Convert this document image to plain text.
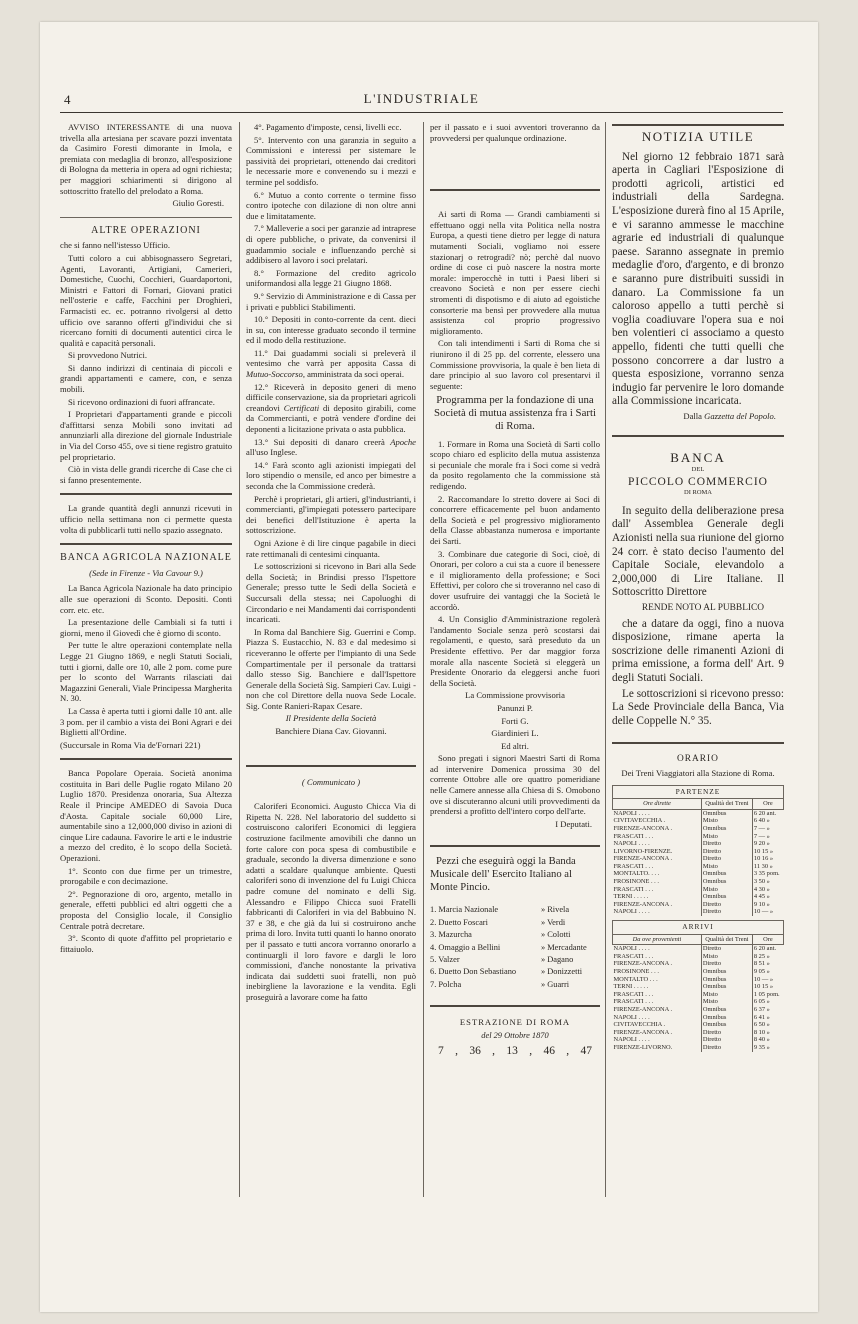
4	L'INDUSTRIALE

AVVISO INTERESSANTE di una nuova trivella alla artesiana per scavare pozzi inventata da Casimiro Foresti dimorante in Imola, e premiata con medaglia di bronzo, all'esposizione di Bologna da metteria in opera ad ogni richiesta; per maggiori schiarimenti si dirigono al sottoscritto fratello del prelodato a Roma.

Giulio Goresti.

ALTRE OPERAZIONI

che si fanno nell'istesso Ufficio.

Tutti coloro a cui abbisognassero Segretari, Agenti, Lavoranti, Artigiani, Camerieri, Domestiche, Cuochi, Cocchieri, Guardaportoni, Ministri e Fattori di Fornari, Giovani pratici nell'osterie e caffe, Facchini per Droghierì, Farmacisti ec. ec. potranno rivolgersi al detto ufficio ove saranno offerti gl'individui che si ricercano forniti di documenti autentici circa le qualità e capacità personali.

Si provvedono Nutrici.

Si danno indirizzi di centinaia di piccoli e grandi appartamenti e camere, con, e senza mobili.

Si ricevono ordinazioni di fuori affrancate.

I Proprietari d'appartamenti grande e piccoli d'affittarsi senza Mobili sono invitati ad annunziarli alla direzione del giornale Industriale in Via del Corso 455, ove si tiene registro gratuito pel proprietario.

Ciò in vista delle grandi ricerche di Case che ci si fanno presentemente.

La grande quantità degli annunzi ricevuti in ufficio nella settimana non ci permette questa volta di pubblicarli tutti nello spazio assegnato.

BANCA AGRICOLA NAZIONALE
(Sede in Firenze - Via Cavour 9.)

La Banca Agricola Nazionale ha dato principio alle sue operazioni di Sconto. Depositi. Conti corr. etc. etc.

La presentazione delle Cambiali si fa tutti i giorni, meno il Giovedì che è giorno di sconto.

Per tutte le altre operazioni contemplate nella Legge 21 Giugno 1869, e negli Statuti Sociali, tutti i giorni, dalle ore 10, alle 2 pom. come pure per lo sconto del Warrants rilasciati dai Magazzini Generali, Viale Principessa Margherita N. 30.

La Cassa è aperta tutti i giorni dalle 10 ant. alle 3 pom. per il cambio a vista dei Boni Agrari e dei Biglietti all'Ordine.

(Succursale in Roma Via de'Fornari 221)

Banca Popolare Operaia. Società anonima costituita in Bari delle Puglie rogato Milano 20 Luglio 1870. Presidenza onoraria, Sua Altezza Reale il Principe AMEDEO di Savoia Duca d'Aosta. Capitale sociale 60,000 Lire, aumentabile sino a 12,000,000 diviso in azioni di cinque Lire cadauna. Favorire le arti e le industrie a mezzo del credito, è lo scopo della Società. Operazioni.

1°. Sconto con due firme per un trimestre, prorogabile e con decimazione.

2°. Pegnorazione di oro, argento, metallo in generale, effetti pubblici ed altri oggetti che a proposta del Consiglio locale, il Consiglio Centrale potrà decretare.

3°. Sconto di quote d'affitto pel proprietario e fittaiuolo.

4°. Pagamento d'imposte, censi, livelli ecc.

5°. Intervento con una garanzia in seguito a Commissioni e interessi per sistemare le passività dei proprietari, ottenendo dai creditori le necessarie more e convenendo su i mezzi e termine pel soddisfo.

6.° Mutuo a conto corrente o termine fisso contro ipoteche con dilazione di non oltre anni due e limitatamente.

7.° Malleverie a soci per garanzie ad intraprese di opere pubbliche, o private, da convenirsi il guadammio sociale e influenzando perchè si addibisero al lavoro i soci prelatari.

8.° Formazione del credito agricolo uniformandosi alla legge 21 Giugno 1868.

9.° Servizio di Amministrazione e di Cassa per i privati e pubblici Stabilimenti.

10.° Depositi in conto-corrente da cent. dieci in su, con interesse graduato secondo il termine ed il modo della restituzione.

11.° Dai guadammi sociali si preleverà il ventesimo che varrà per apposita Cassa di Mutuo-Soccorso, amministrata da soci operai.

12.° Riceverà in deposito generi di meno difficile conservazione, sia da proprietari agricoli creandovi Certificati di deposito girabili, come da Commercianti, e potrà vendere d'ordine dei deponenti a licitazione privata o asta pubblica.

13.° Sui depositi di danaro creerà Apoche all'uso Inglese.

14.° Farà sconto agli azionisti impiegati del loro stipendio o mensile, ed anco per bimestre a seconda che la Commissione crederà.

Perchè i proprietari, gli artieri, gl'industrianti, i commercianti, gl'impiegati potessero partecipare dei benefici dell'Istituzione è aperta la sottoscrizione.

Ogni Azione è di lire cinque pagabile in dieci rate rettimanali di centesimi cinquanta.

Le sottoscrizioni si ricevono in Bari alla Sede della Società; in Brindisi presso l'Ispettore Generale; presso tutte le Sedi della Società e Succursali della stessa; nei Capoluoghi di Circondario e nei Mandamenti dai corrispondenti incaricati.

In Roma dal Banchiere Sig. Guerrini e Comp. Piazza S. Eustacchio, N. 83 e dal medesimo si riceveranno le offerte per l'impianto di una Sede Compartimentale per il personale da trattarsi dallo stesso Sig. Banchiere e dall'Ispettore Generale della Società Sig. Sampieri Cav. Luigi - non che col Direttore della nuova Sede Locale. Sig. Conte Ranieri-Rapax Cesare.

Il Presidente della Società

Banchiere Diana Cav. Giovanni.

( Communicato )

Caloriferi Economici. Augusto Chicca Via di Ripetta N. 228. Nel laboratorio del suddetto si costruiscono caloriferi Economici di leggiera costruzione facilmente amovibili che danno un forte calore con poca spesa di combustibile e graduale, secondo la diversa dimenzione e sono adatti a scaldare qualunque ambiente. Questi caloriferi sono di invenzione del fu Luigi Chicca padre comune del nominato e delli Sig. Alessandro e Filippo Chicca suoi Fratelli fabbricanti di Caloriferi in via del Babbuino N. 37 e 38, e che già da lui si costruirono anche prima di loro. Invita tutti quanti lo hanno onorato per il passato e tutti ancora vorranno onorarlo a continuargli il loro favore e dargli le loro commissioni, d'anche nonostante la privativa indicata dai suddetti suoi fratelli, non può inebirgliene la lavorazione e la vendita. Egli proseguirà a lavorare come ha fatto

per il passato e i suoi avventori troveranno da provvedersi per qualunque ordinazione.

Ai sarti di Roma — Grandi cambiamenti si effettuano oggi nella vita Politica nella nostra Europa, a questi tiene dietro per legge di natura mutamenti Sociali, vogliamo noi essere stazionarj o retrogradi? nò; perchè dal nuovo ordine di cose ci può nascere la nostra morte morale: imperocchè in tutti i Paesi liberi si creavono Società e non per essere ciechi stromenti di dispotismo e di aiuto ad egoistiche consorterie ma bensì per provvedere alla mutua assistenza col proprio progressivo miglioramento.

Con tali intendimenti i Sarti di Roma che si riunirono il di 25 pp. del corrente, elessero una Commissione provvisoria, la quale è ben lieta di dare principio al suo lavoro col presentarvi il seguente:

Programma per la fondazione di una Società di mutua assistenza fra i Sarti di Roma.

1. Formare in Roma una Società di Sarti collo scopo chiaro ed esplicito della mutua assistenza si pecuniale che morale fra i Soci come si vedrà da posito regolamento che la commissione stà redigendo.

2. Raccomandare lo stretto dovere ai Soci di concorrere efficacemente pel buon andamento della Società e pel progressivo miglioramento della Classe abbastanza numerosa e importante dei Sarti.

3. Combinare due categorie di Soci, cioè, di Onorari, per coloro a cui sta a cuore il benessere e il miglioramento della professione; e Soci Effettivi, per coloro che si troveranno nel caso di dover usufruire dei vantaggi che la Società le accordò.

4. Un Consiglio d'Amministrazione regolerà l'andamento Sociale senza però scostarsi dai regolamenti, e questo, sarà preseduto da un Presidente effettivo. Per dar maggior forza morale alla nascente Società si eleggerà un Presidente Onorario da eleggersi anche fuori della Società.

La Commissione provvisoria

Panunzi P.

Forti G.

Giardinieri L.

Ed altri.

Sono pregati i signori Maestri Sarti di Roma ad intervenire Domenica prossima 30 del corrente Ottobre alle ore quattro pomeridiane nelle Camere annesse alla Chiesa di S. Omobono ove si discuteranno alcuni utili provvedimenti da prendersi a profitto dell'intero corpo dell'arte.

I Deputati.

Pezzi che eseguirà oggi la Banda Musicale dell' Esercito Italiano al Monte Pincio.
1. Marcia Nazionale	» Rivela
2. Duetto Foscari	» Verdi
3. Mazurcha	» Colotti
4. Omaggio a Bellini	» Mercadante
5. Valzer	» Dagano
6. Duetto Don Sebastiano	» Donizzetti
7. Polcha	» Guarri
ESTRAZIONE DI ROMA
del 29 Ottobre 1870
7 , 36 , 13 , 46 , 47
NOTIZIA UTILE

Nel giorno 12 febbraio 1871 sarà aperta in Cagliari l'Esposizione di prodotti agricoli, artistici ed industriali della Sardegna. L'esposizione durerà fino al 15 Aprile, e vi saranno ammesse le macchine agrarie ed industriali di qualunque paese. Saranno assegnate in premio medaglie d'oro, d'argento, e di bronzo e saranno pure distribuiti sussidi in danaro. La Commissione fa un caloroso appello a tutti perchè si voglia coadiuvare l'opera sua e noi ben volentieri ci associamo a questo appello, fidenti che tutti quelli che possono concorrere a dar lustro a questa esposizione, vorranno senza indugio far pervenire le loro domande alla Commissione incaricata.

Dalla Gazzetta del Popolo.

BANCA
DEL
PICCOLO COMMERCIO
DI ROMA

In seguito della deliberazione presa dall' Assemblea Generale degli Azionisti nella sua riunione del giorno 24 corr. è stato deciso l'aumento del Capitale Sociale, elevandolo a 2,000,000 di Lire Italiane. Il Sottoscritto Direttore

RENDE NOTO AL PUBBLICO

che a datare da oggi, fino a nuova disposizione, rimane aperta la soscrizione delle rimanenti Azioni di prima emissione, a forma dell' Art. 9 degli Statuti Sociali.

Le sottoscrizioni si ricevono presso: La Sede Provinciale della Banca, Via delle Coppelle N.° 35.

ORARIO

Dei Treni Viaggiatori alla Stazione di Roma.

PARTENZE
Ore dirette	Qualità dei Treni	Ore
NAPOLI . . . .	Omnibus	6 20 ant.
CIVITAVECCHIA .	Misto	6 40 »
FIRENZE-ANCONA .	Omnibus	7 — »
FRASCATI . . .	Misto	7 — »
NAPOLI . . . .	Diretto	9 20 »
LIVORNO-FIRENZE.	Diretto	10 15 »
FIRENZE-ANCONA .	Diretto	10 16 »
FRASCATI . . .	Misto	11 30 »
MONTALTO. . . .	Omnibus	3 35 pom.
FROSINONE . . .	Omnibus	3 50 »
FRASCATI . . .	Misto	4 30 »
TERNI . . . . .	Omnibus	4 45 »
FIRENZE-ANCONA .	Diretto	9 10 »
NAPOLI . . . .	Diretto	10 — »
ARRIVI
Da ove provenienti	Qualità dei Treni	Ore
NAPOLI . . . .	Diretto	6 20 ant.
FRASCATI . . .	Misto	8 25 »
FIRENZE-ANCONA .	Diretto	8 51 »
FROSINONE . . .	Omnibus	9 05 »
MONTALTO . . .	Omnibus	10 — »
TERNI . . . . .	Omnibus	10 15 »
FRASCATI . . .	Misto	1 05 pom.
FRASCATI . . .	Misto	6 05 »
FIRENZE-ANCONA .	Omnibus	6 37 »
NAPOLI . . . .	Omnibus	6 41 »
CIVITAVECCHIA .	Omnibus	6 50 »
FIRENZE-ANCONA .	Diretto	8 10 »
NAPOLI . . . .	Diretto	8 40 »
FIRENZE-LIVORNO.	Diretto	9 35 »
